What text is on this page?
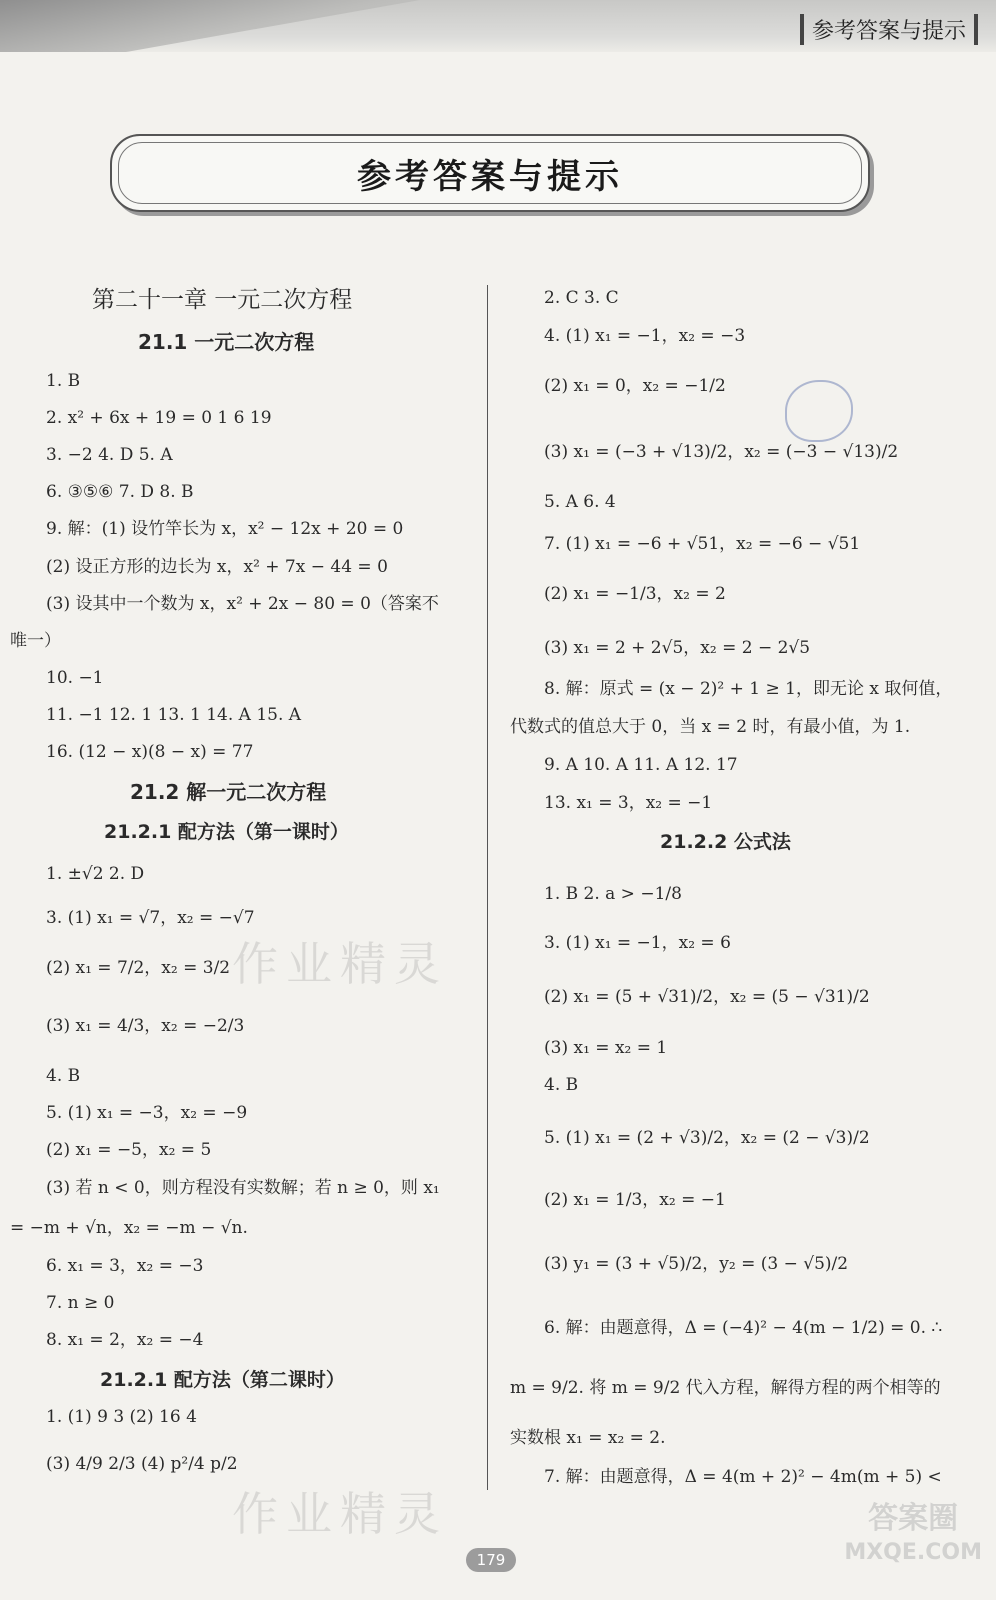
参考答案与提示
参考答案与提示
第二十一章 一元二次方程
21.1 一元二次方程
1. B
2. x² + 6x + 19 = 0 1 6 19
3. −2 4. D 5. A
6. ③⑤⑥ 7. D 8. B
9. 解：(1) 设竹竿长为 x，x² − 12x + 20 = 0
(2) 设正方形的边长为 x，x² + 7x − 44 = 0
(3) 设其中一个数为 x，x² + 2x − 80 = 0（答案不
唯一）
10. −1
11. −1 12. 1 13. 1 14. A 15. A
16. (12 − x)(8 − x) = 77
21.2 解一元二次方程
21.2.1 配方法（第一课时）
1. ±√2 2. D
3. (1) x₁ = √7，x₂ = −√7
(2) x₁ = 7/2，x₂ = 3/2
(3) x₁ = 4/3，x₂ = −2/3
4. B
5. (1) x₁ = −3，x₂ = −9
(2) x₁ = −5，x₂ = 5
(3) 若 n < 0，则方程没有实数解；若 n ≥ 0，则 x₁
= −m + √n，x₂ = −m − √n.
6. x₁ = 3，x₂ = −3
7. n ≥ 0
8. x₁ = 2，x₂ = −4
21.2.1 配方法（第二课时）
1. (1) 9 3 (2) 16 4
(3) 4/9 2/3 (4) p²/4 p/2
2. C 3. C
4. (1) x₁ = −1，x₂ = −3
(2) x₁ = 0，x₂ = −1/2
(3) x₁ = (−3 + √13)/2，x₂ = (−3 − √13)/2
5. A 6. 4
7. (1) x₁ = −6 + √51，x₂ = −6 − √51
(2) x₁ = −1/3，x₂ = 2
(3) x₁ = 2 + 2√5，x₂ = 2 − 2√5
8. 解：原式 = (x − 2)² + 1 ≥ 1，即无论 x 取何值，
代数式的值总大于 0，当 x = 2 时，有最小值，为 1.
9. A 10. A 11. A 12. 17
13. x₁ = 3，x₂ = −1
21.2.2 公式法
1. B 2. a > −1/8
3. (1) x₁ = −1，x₂ = 6
(2) x₁ = (5 + √31)/2，x₂ = (5 − √31)/2
(3) x₁ = x₂ = 1
4. B
5. (1) x₁ = (2 + √3)/2，x₂ = (2 − √3)/2
(2) x₁ = 1/3，x₂ = −1
(3) y₁ = (3 + √5)/2，y₂ = (3 − √5)/2
6. 解：由题意得，Δ = (−4)² − 4(m − 1/2) = 0. ∴
m = 9/2. 将 m = 9/2 代入方程，解得方程的两个相等的
实数根 x₁ = x₂ = 2.
7. 解：由题意得，Δ = 4(m + 2)² − 4m(m + 5) <
作业精灵
作业精灵	答案圈
MXQE.COM
179
